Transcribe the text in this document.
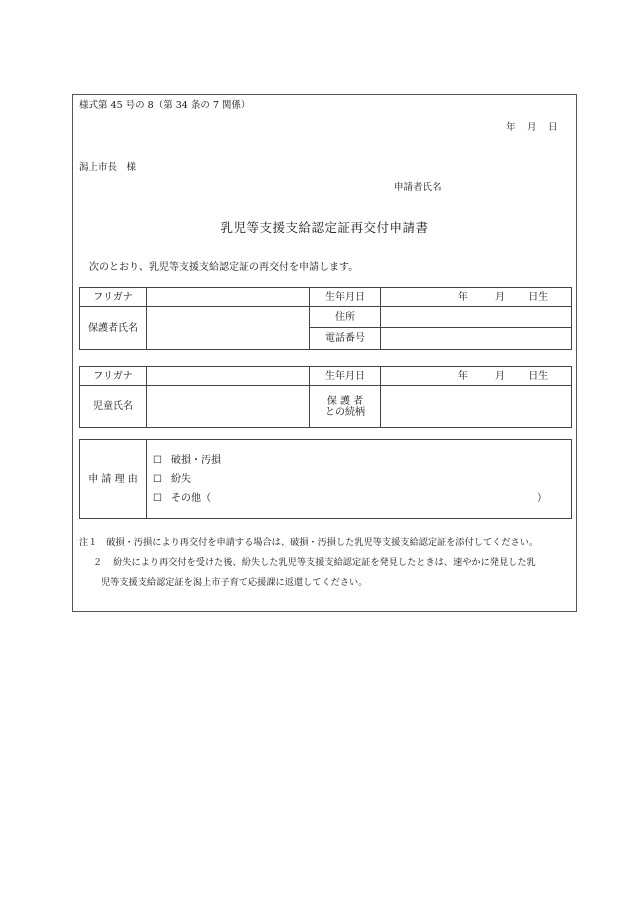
様式第 45 号の 8（第 34 条の 7 関係）
年 月 日
潟上市長　様
申請者氏名
乳児等支援支給認定証再交付申請書
次のとおり、乳児等支援支給認定証の再交付を申請します。
フリガナ		生年月日	年 月 日生
保護者氏名		住所	
		電話番号	
フリガナ		生年月日	年 月 日生
児童氏名		保 護 者
との続柄	

申 請 理 由	
☐ 破損・汚損
☐ 紛失
☐ その他（	）
注１ 破損・汚損により再交付を申請する場合は、破損・汚損した乳児等支援支給認定証を添付してください。
２ 紛失により再交付を受けた後、紛失した乳児等支援支給認定証を発見したときは、速やかに発見した乳
児等支援支給認定証を潟上市子育て応援課に返還してください。
